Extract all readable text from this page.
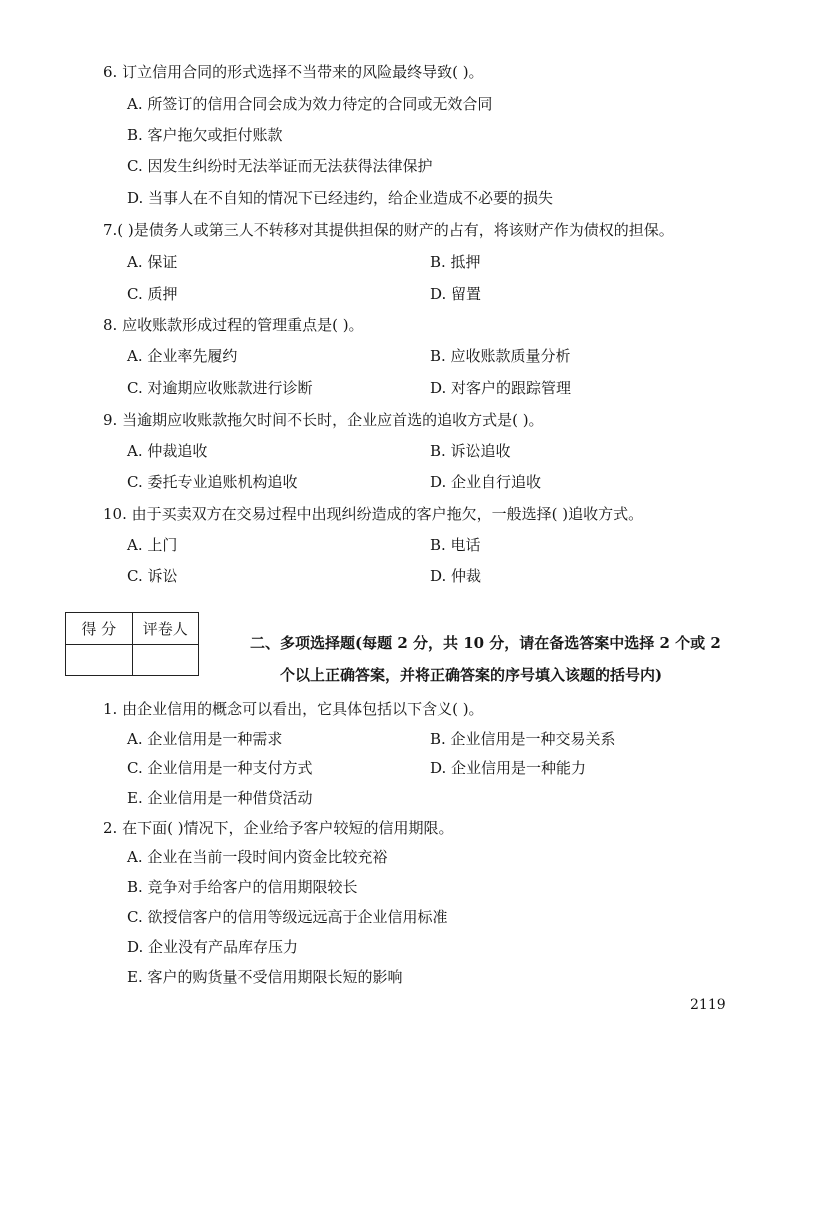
6. 订立信用合同的形式选择不当带来的风险最终导致( )。
A. 所签订的信用合同会成为效力待定的合同或无效合同
B. 客户拖欠或拒付账款
C. 因发生纠纷时无法举证而无法获得法律保护
D. 当事人在不自知的情况下已经违约，给企业造成不必要的损失
7.( )是债务人或第三人不转移对其提供担保的财产的占有，将该财产作为债权的担保。
A. 保证	B. 抵押
C. 质押	D. 留置
8. 应收账款形成过程的管理重点是( )。
A. 企业率先履约	B. 应收账款质量分析
C. 对逾期应收账款进行诊断	D. 对客户的跟踪管理
9. 当逾期应收账款拖欠时间不长时，企业应首选的追收方式是( )。
A. 仲裁追收	B. 诉讼追收
C. 委托专业追账机构追收	D. 企业自行追收
10. 由于买卖双方在交易过程中出现纠纷造成的客户拖欠，一般选择( )追收方式。
A. 上门	B. 电话
C. 诉讼	D. 仲裁
得 分	评卷人

二、多项选择题(每题 2 分，共 10 分，请在备选答案中选择 2 个或 2
个以上正确答案，并将正确答案的序号填入该题的括号内)
1. 由企业信用的概念可以看出，它具体包括以下含义( )。
A. 企业信用是一种需求	B. 企业信用是一种交易关系
C. 企业信用是一种支付方式	D. 企业信用是一种能力
E. 企业信用是一种借贷活动
2. 在下面( )情况下，企业给予客户较短的信用期限。
A. 企业在当前一段时间内资金比较充裕
B. 竞争对手给客户的信用期限较长
C. 欲授信客户的信用等级远远高于企业信用标准
D. 企业没有产品库存压力
E. 客户的购货量不受信用期限长短的影响
2119
